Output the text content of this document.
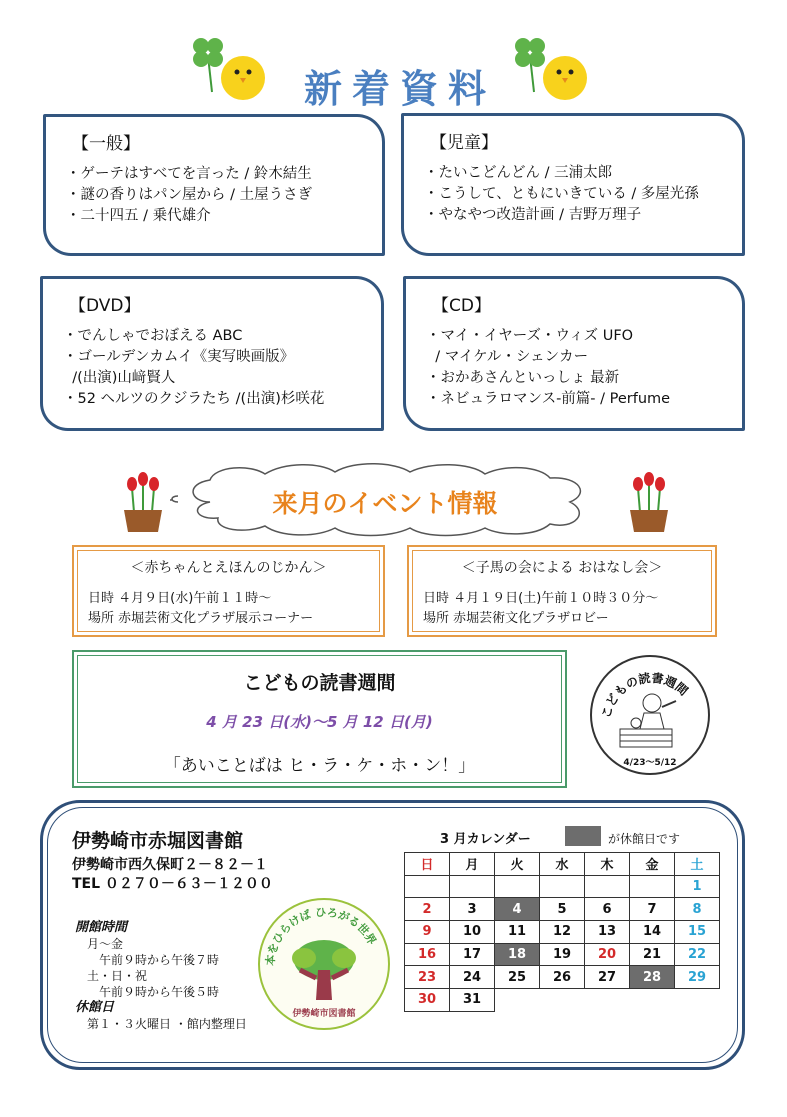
新着資料
【一般】
・ゲーテはすべてを言った / 鈴木結生
・謎の香りはパン屋から / 土屋うさぎ
・二十四五 / 乗代雄介
【児童】
・たいこどんどん / 三浦太郎
・こうして、ともにいきている / 多屋光孫
・やなやつ改造計画 / 吉野万理子
【DVD】
・でんしゃでおぼえる ABC
・ゴールデンカムイ《実写映画版》
/(出演)山﨑賢人
・52 ヘルツのクジラたち /(出演)杉咲花
【CD】
・マイ・イヤーズ・ウィズ UFO
/ マイケル・シェンカー
・おかあさんといっしょ 最新
・ネビュラロマンス-前篇- / Perfume
来月のイベント情報
＜赤ちゃんとえほんのじかん＞
日時 ４月９日(水)午前１１時～
場所 赤堀芸術文化プラザ展示コーナー
＜子馬の会による おはなし会＞
日時 ４月１９日(土)午前１０時３０分～
場所 赤堀芸術文化プラザロビー
こどもの読書週間
4 月 23 日(水)～5 月 12 日(月)
「あいことばは ヒ・ラ・ケ・ホ・ン！」
こどもの読書週間
4/23～5/12
伊勢崎市赤堀図書館
伊勢崎市西久保町２－８２－１
TEL ０２７０－６３－１２００
開館時間
月～金
午前９時から午後７時
土・日・祝
午前９時から午後５時
休館日
第１・３火曜日 ・館内整理日
本をひらけば ひろがる世界
伊勢崎市図書館
3 月カレンダー	が休館日です
日	月	火	水	木	金	土
						1
2	3	4	5	6	7	8
9	10	11	12	13	14	15
16	17	18	19	20	21	22
23	24	25	26	27	28	29
30	31					
